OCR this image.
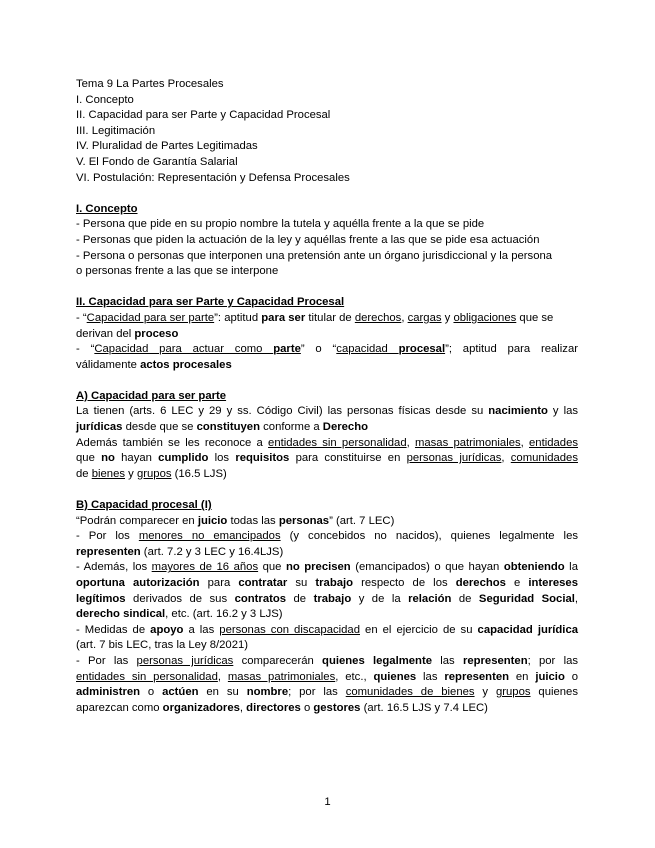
Tema 9 La Partes Procesales
I. Concepto
II. Capacidad para ser Parte y Capacidad Procesal
III. Legitimación
IV. Pluralidad de Partes Legitimadas
V. El Fondo de Garantía Salarial
VI. Postulación: Representación y Defensa Procesales
I. Concepto
- Persona que pide en su propio nombre la tutela y aquélla frente a la que se pide
- Personas que piden la actuación de la ley y aquéllas frente a las que se pide esa actuación
- Persona o personas que interponen una pretensión ante un órgano jurisdiccional y la persona
o personas frente a las que se interpone
II. Capacidad para ser Parte y Capacidad Procesal
- “Capacidad para ser parte”: aptitud para ser titular de derechos, cargas y obligaciones que se
derivan del proceso
- “Capacidad para actuar como parte” o “capacidad procesal”; aptitud para realizar
válidamente actos procesales
A) Capacidad para ser parte
La tienen (arts. 6 LEC y 29 y ss. Código Civil) las personas físicas desde su nacimiento y las
jurídicas desde que se constituyen conforme a Derecho
Además también se les reconoce a entidades sin personalidad, masas patrimoniales, entidades
que no hayan cumplido los requisitos para constituirse en personas jurídicas, comunidades
de bienes y grupos (16.5 LJS)
B) Capacidad procesal (I)
“Podrán comparecer en juicio todas las personas” (art. 7 LEC)
- Por los menores no emancipados (y concebidos no nacidos), quienes legalmente les
representen (art. 7.2 y 3 LEC y 16.4LJS)
- Además, los mayores de 16 años que no precisen (emancipados) o que hayan obteniendo la
oportuna autorización para contratar su trabajo respecto de los derechos e intereses
legítimos derivados de sus contratos de trabajo y de la relación de Seguridad Social,
derecho sindical, etc. (art. 16.2 y 3 LJS)
- Medidas de apoyo a las personas con discapacidad en el ejercicio de su capacidad jurídica
(art. 7 bis LEC, tras la Ley 8/2021)
- Por las personas jurídicas comparecerán quienes legalmente las representen; por las
entidades sin personalidad, masas patrimoniales, etc., quienes las representen en juicio o
administren o actúen en su nombre; por las comunidades de bienes y grupos quienes
aparezcan como organizadores, directores o gestores (art. 16.5 LJS y 7.4 LEC)
1
